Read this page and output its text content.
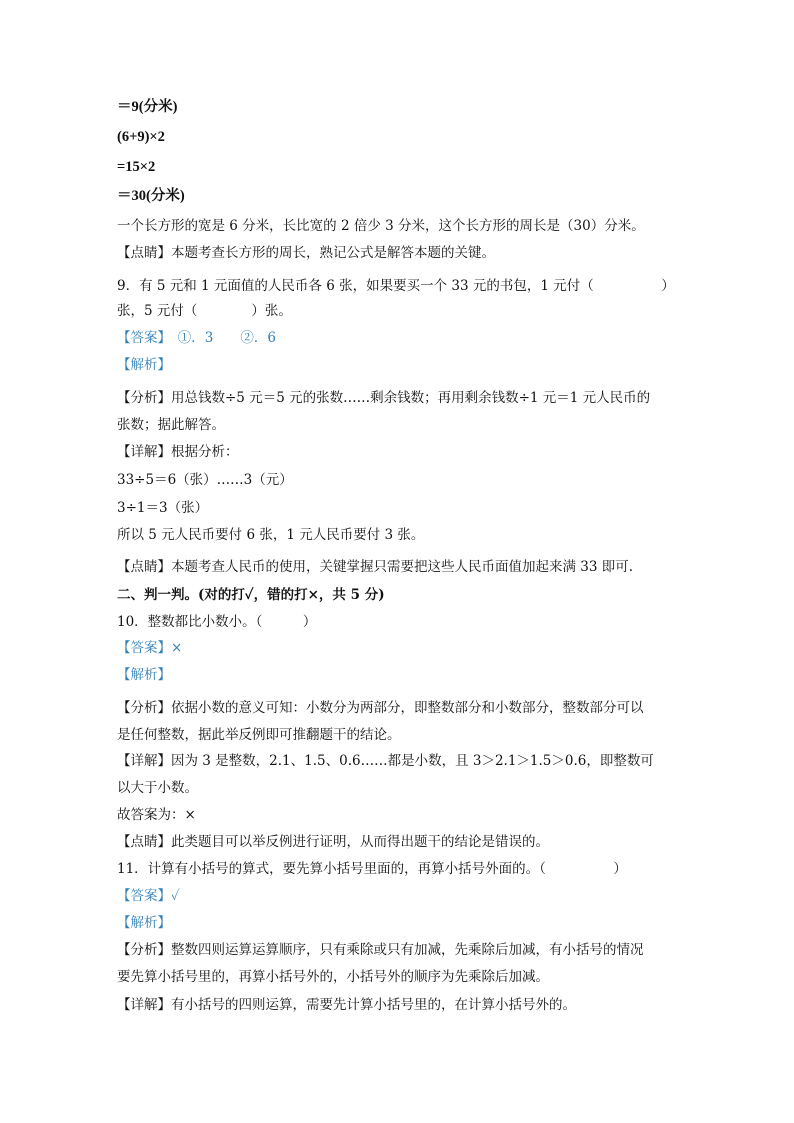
＝9(分米)
(6+9)×2
=15×2
＝30(分米)
一个长方形的宽是 6 分米，长比宽的 2 倍少 3 分米，这个长方形的周长是（30）分米。
【点睛】本题考查长方形的周长，熟记公式是解答本题的关键。
9．有 5 元和 1 元面值的人民币各 6 张，如果要买一个 33 元的书包，1 元付（　　　　　）
张，5 元付（　　　　）张。
【答案】　①．3　　②．6
【解析】
【分析】用总钱数÷5 元＝5 元的张数……剩余钱数；再用剩余钱数÷1 元＝1 元人民币的
张数；据此解答。
【详解】根据分析：
33÷5＝6（张）……3（元）
3÷1＝3（张）
所以 5 元人民币要付 6 张，1 元人民币要付 3 张。
【点睛】本题考查人民币的使用，关键掌握只需要把这些人民币面值加起来满 33 即可.
二、判一判。(对的打✓，错的打×，共 5 分)
10．整数都比小数小。（　　　）
【答案】×
【解析】
【分析】依据小数的意义可知：小数分为两部分，即整数部分和小数部分，整数部分可以
是任何整数，据此举反例即可推翻题干的结论。
【详解】因为 3 是整数，2.1、1.5、0.6……都是小数，且 3＞2.1＞1.5＞0.6，即整数可
以大于小数。
故答案为：×
【点睛】此类题目可以举反例进行证明，从而得出题干的结论是错误的。
11．计算有小括号的算式，要先算小括号里面的，再算小括号外面的。（　　　　　）
【答案】✓
【解析】
【分析】整数四则运算运算顺序，只有乘除或只有加减，先乘除后加减，有小括号的情况
要先算小括号里的，再算小括号外的，小括号外的顺序为先乘除后加减。
【详解】有小括号的四则运算，需要先计算小括号里的，在计算小括号外的。
